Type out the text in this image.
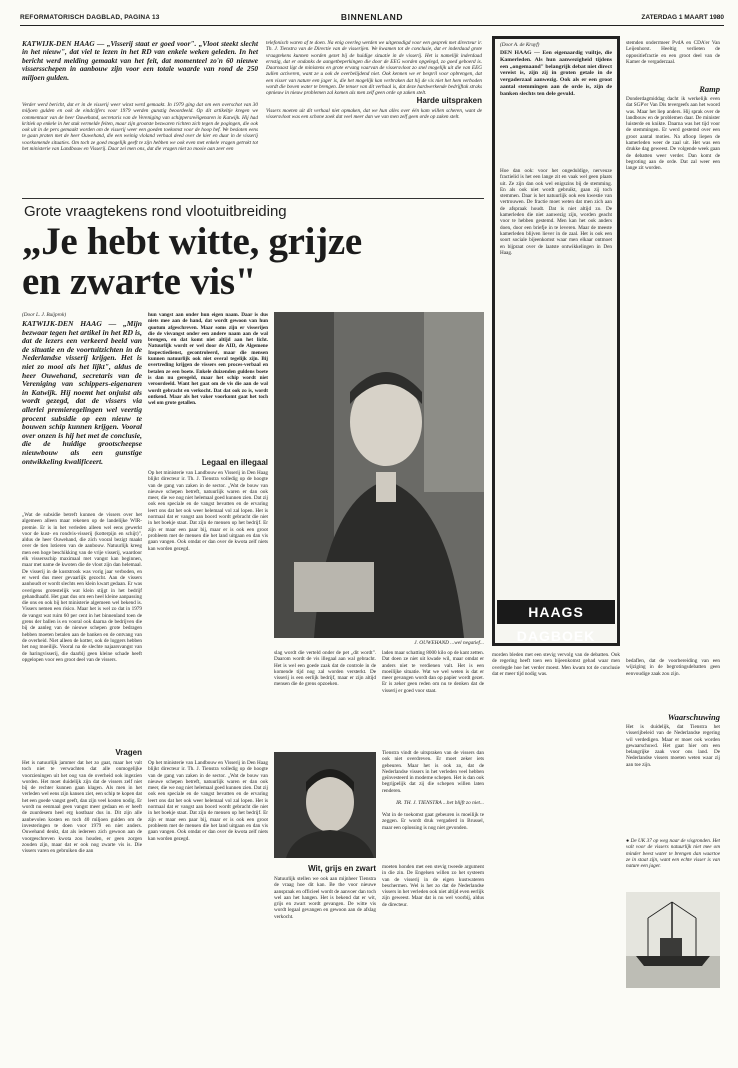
REFORMATORISCH DAGBLAD, PAGINA 13	BINNENLAND	ZATERDAG 1 MAART 1980
KATWIJK-DEN HAAG — „Visserij staat er goed voor". „Vloot steekt slecht in het nieuw", dat viel te lezen in het RD van enkele weken geleden. In het bericht werd melding gemaakt van het feit, dat momenteel zo'n 60 nieuwe vissersschepen in aanbouw zijn voor een totale waarde van rond de 250 miljoen gulden.
Verder werd bericht, dat er in de visserij weer winst werd gemaakt. In 1979 ging dat om een overschot van 30 miljoen gulden en ook de eindcijfers voor 1979 werden gunstig beoordeeld. Op dit artikeltje kregen we commentaar van de heer Ouwehand, secretaris van de Vereniging van schippersreëigenaren in Katwijk. Hij had kritiek op enkele in het stuk vermelde feiten, maar zijn grootste bezwaren richten zich tegen de pogingen, die ook ook uit in de pers gemaakt worden om de visserij weer een goeden toekomst voor de hoop hef. We besloten eens te gaan praten met de heer Ouwehand, die een weinig vloland verhaal deed over de kier en duur in de visserij voorkomende situaties. Om toch ze goed mogelijk geeft te zijn hebben we ook even met enkele vragen getrokt tot het ministerie van Landbouw en Visserij. Daar zei men ons, dat die vragen niet zo mooie aan zeer een
telefonisch waren af te doen. Na enig overleg werden we uitgenodigd voor een gesprek met directeur ir. Th. J. Tienstra van de Directie van de visserijen. We kwamen tot de conclusie, dat er inderdaad grote vraagtekens kunnen worden gezet bij de huidige situatie in de visserij. Het is namelijk inderdaad ernstig, dat er ondanks de aangetbeperkingen die door de EEG worden opgelegd, zo goed geboerd is. Daarnaast ligt de ministens en grote ervang vaarvan de vissersvloot zo snel mogelijk uit die van EEG zullen activeren, want ze u ook de overbelijdend niet. Ook kennen we er bespril voor opbrengen, dat een visser van nature een jager is, die het mogelijk kan verbraken dat hij de vis niet het hem verboden wordt die boven water te brengen. De tenser van dit verhaal is, dat deze hardwerkende bedrijftak straks opnieuw in nieuw problemen zal komen als men zelf geen orde op zaken stelt.
Harde uitspraken
Vissers moeten uit dit verhaal niet opmaken, dat we hun alles over één kam willen scheren, want de vissersvloot was een schone zoek dat veel meer dan we van men zelf geen orde op zaken stelt.
Grote vraagtekens rond vlootuitbreiding
„Je hebt witte, grijze
en zwarte vis"
(Door L. J. Buijprok)
KATWIJK-DEN HAAG — „Mijn bezwaar tegen het artikel in het RD is, dat de lezers een verkeerd beeld van de situatie en de voortuitzichten in de Nederlandse visserij krijgen. Het is niet zo mooi als het lijkt", aldus de heer Ouwehand, secretaris van de Vereniging van schippers-eigenaren in Katwijk. Hij noemt het onjuist als wordt gezegd, dat de vissers via allerlei premieregelingen wel veertig procent subsidie op een nieuw te bouwen schip kunnen krijgen. Vooral over onzen is hij het met de conclusie, die de huidige grootscheepse nieuwbouw als een gunstige ontwikkeling kwalificeert.
„Wat de subsidie betreft kunnen de vissers over het algemeen alleen maar rekenen op de landelijke WIR-premie. Er is in het verleden alleen wel eens gewerkt voor de kust- en rondvis-visserij (kotterpijn en schijt)", aldus de heer Ouwehand, die zich vooral bezigt maakt over de tien lotieren van de aanbouw. Natuurlijk kreeg men een hoge beschikking van de vrije visserij, waardoor elk vissersschip maximaal met vangst kan beginnen, maar met name de kwoten die de vloot zijn dan helemaal. De visserij in de kuststrook was vorig jaar verboden, en er werd dus meer gevaarlijk gezocht. Aan de vissers aanhoudt er wordt slechts een klein kwart gedaan. Er was overigens grotestelijk wat klein stijgt in het bedrijf gehandhaafd. Het gaat dus om een heel kleine aanpassing die ons en ook bij het ministerie algemeen wel bekend is. Vissers nemen een risico. Maar het is wel zo dat in 1979 de vangst wat ruim 60 per cent in het binnenland toen de grens der ballen is en vooral ook daarna de bedrijven die bij de aanleg van de nieuwe schepen grote bedragen hebben moeten betalen aan de banken en de ontvang van de overheid. Niet alleen de kotter, ook de loggers hebben het nog moeilijk. Vooral na de slechte najaarsvangst van de haringvisserij, die daarbij geen kleine schade heeft opgelopen voor een groot deel van de vissers.
Vragen
Het is natuurlijk jammer dat het zo gaat, maar het valt toch niet te verwachten dat alle onmogelijke voorzieningen uit het oog van de overheid ook ingezien worden. Het moet duidelijk zijn dat de vissers zelf niet bij de rechter kunnen gaan klagen. Als men in het verleden wel eens zijn kansen ziet, een schip te kopen dat het een goede vangst geeft, dan zijn veel kosten nodig. Er wordt nu eenmaal geen vangst meer gedaan en er heeft de zuurdesem heel erg kostbaar dus in. Dit zijn alle aanbevolen kosten en toch 40 miljoen gulden om de investeringen te doen voor 1979 en niet anders. Ouwehand denkt, dat als iedereen zich gewoon aan de voorgeschreven kwota zou houden, er geen zorgen zouden zijn, maar dat er ook nog zwarte vis is. Die vissers varen en gebruiken die aan
hun vangst aan onder hun eigen naam. Daar is dus niets mee aan de hand, dat wordt gewoon van hun quotum afgeschreven. Maar soms zijn er visserijen die de visvangst onder een andere naam aan de wal brengen, en dat komt niet altijd aan het licht. Natuurlijk wordt er wel door de AID, de Algemene Inspectiedienst, gecontroleerd, maar die mensen kunnen natuurlijk ook niet overal tegelijk zijn. Bij overtreding krijgen de vissers een proces-verbaal en betalen ze een boete. Enkele duizenden guldens boete is dan nu geregeld, maar het schip wordt niet veroordeeld. Want het gaat om de vis die aan de wal wordt gebracht en verkocht. Dat dat ook zo is, wordt ontkend. Maar als het vaker voorkomt gaat het toch wel om grote getallen.
Legaal en illegaal
Op het ministerie van Landbouw en Visserij in Den Haag blijkt directeur ir. Th. J. Tienstra volledig op de hoogte van de gang van zaken in de sector. „Wat de bouw van nieuwe schepen betreft, natuurlijk waren er dan ook meer, die we nog niet helemaal goed kunnen zien. Dat zij ook een speciale en de vangst bevatten en de ervaring leert ons dat het ook weer helemaal vol zal lopen. Het is normaal dat er vangst aan boord wordt gebracht die niet in het boekje staat. Dat zijn de mensen op het bedrijf. Er zijn er maar een paar bij, maar er is ook een groot probleem met de mensen die het land uitgaan en dan vis gaan vangen. Ook omdat er dan over de kwota zelf niets kan worden gezegd.
Op het ministerie van Landbouw en Visserij in Den Haag blijkt directeur ir. Th. J. Tienstra volledig op de hoogte van de gang van zaken in de sector. „Wat de bouw van nieuwe schepen betreft, natuurlijk waren er dan ook meer, die we nog niet helemaal goed kunnen zien. Dat zij ook een speciale en de vangst bevatten en de ervaring leert ons dat het ook weer helemaal vol zal lopen. Het is normaal dat er vangst aan boord wordt gebracht die niet in het boekje staat. Dat zijn de mensen op het bedrijf. Er zijn er maar een paar bij, maar er is ook een groot probleem met de mensen die het land uitgaan en dan vis gaan vangen. Ook omdat er dan over de kwota zelf niets kan worden gezegd.
J. OUWEHAND ...wel negatief...
slag wordt die verteld onder de pet „dit wordt". Daarom wordt de vis illegaal aan wal gebracht. Het is wel een goede zaak dat de controle in de komende tijd nog zal worden versterkt. De visserij is een eerlijk bedrijf, maar er zijn altijd mensen die de grens opzoeken.
laden maar schatting 8000 kilo op de kant zetten. Dat doen ze niet uit kwade wil, maar omdat er anders niet te verdienen valt. Het is een moeilijke situatie. Wat we wel weten is dat er meer gevangen wordt dan op papier wordt gezet. Er is zeker geen reden om nu te denken dat de visserij er goed voor staat.
Tienstra vindt de uitspraken van de vissers dan ook niet overdreven. Er moet zeker iets gebeuren. Maar het is ook zo, dat de Nederlandse vissers in het verleden veel hebben geïnvesteerd in moderne schepen. Het is dan ook begrijpelijk dat zij die schepen willen laten renderen.
IR. TH. J. TIENSTRA ...het blijft zo niet...
Wat in de toekomst gaat gebeuren is moeilijk te zeggen. Er wordt druk vergaderd in Brussel, maar een oplossing is nog niet gevonden.
Wit, grijs en zwart
Natuurlijk stellen we ook aan mijnheer Tienstra de vraag hoe dit kan. Be the voor nieuwe aanspraak en officieel wordt de aanvoer dan toch wel aan het hangen. Het is bekend dat er wit, grijs en zwart wordt gevangen. De witte vis wordt legaal gevangen en gewoon aan de afslag verkocht.
moeten honden met een stevig tweede argument in die zin. De Engelsen willen zo het systeem van de visserij in de eigen kustwateren beschermen. Wel is het zo dat de Nederlandse vissers in het verleden ook niet altijd even eerlijk zijn geweest. Maar dat is nu wel voorbij, aldus de directeur.
(Door A. de Kruyf)
DEN HAAG — Een eigenaardig vuiltje, die Kamerleden. Als hun aanwezigheid tijdens een „ongemaand" belangrijk debat niet direct vereist is, zijn zij in groten getale in de vergaderzaal aanwezig. Ook als er een groot aantal stemmingen aan de orde is, zijn de banken slechts ten dele gevuld.
Hoe dan ook: voor het ongeduldige, nerveuze fractielid is het een lange zit en vaak wel geen plaats uit. Ze zijn dan ook wel enigszins bij de stemming. En als ook niet wordt gebruikt, gaan zij toch stemmen. Daar is het natuurlijk ook een kwestie van vertrouwen. De fractie moet weten dat men zich aan de afspraak houdt. Dat is niet altijd zo. De kamerleden die niet aanwezig zijn, worden geacht voor te hebben gestemd. Men kan het ook anders doen, door een briefje in te leveren. Maar de meeste kamerleden blijven liever in de zaal. Het is ook een soort sociale bijeenkomst waar men elkaar ontmoet en bijpraat over de laatste ontwikkelingen in Den Haag.
HAAGS DAGBOEK
stemden onderrmeer PvdA en CDA'er Van Leijenhorst. Heeltig verlieten de oppositiefractie en een groot deel van de Kamer de vergaderzaal.
Ramp
Donderdagmiddag dacht ik werkelijk even dat SGP'er Van Dis tevergeefs aan het woord was. Maar het liep anders. Hij sprak over de landbouw en de problemen daar. De minister luisterde en knikte. Daarna was het tijd voor de stemmingen. Er werd gestemd over een groot aantal moties. Na afloop liepen de kamerleden weer de zaal uit. Het was een drukke dag geweest. De volgende week gaan de debatten weer verder. Dan komt de begroting aan de orde. Dat zal weer een lange zit worden.
morden bleden met een stevig vervolg van de debatten. Ook de regering heeft toen een bijeenkomst gehad waar men overlegde hoe het verder moest. Men kwam tot de conclusie dat er meer tijd nodig was.
bedaflen, dat de voorbereiding van een wijziging in de begrotingsdebatten geen eenvoudige zaak zou zijn.
Waarschuwing
Het is duidelijk, dat Tienstra het visserijbeleid van de Nederlandse regering wil verdedigen. Maar er moet ook worden gewaarschuwd. Het gaat hier om een belangrijke zaak voor ons land. De Nederlandse vissers moeten weten waar zij aan toe zijn.
● De UK 37 op weg naar de visgronden. Het valt voor de vissers natuurlijk niet mee om minder beest water te brengen dan waartoe ze in staat zijn, want een echte visser is van nature een jager.
